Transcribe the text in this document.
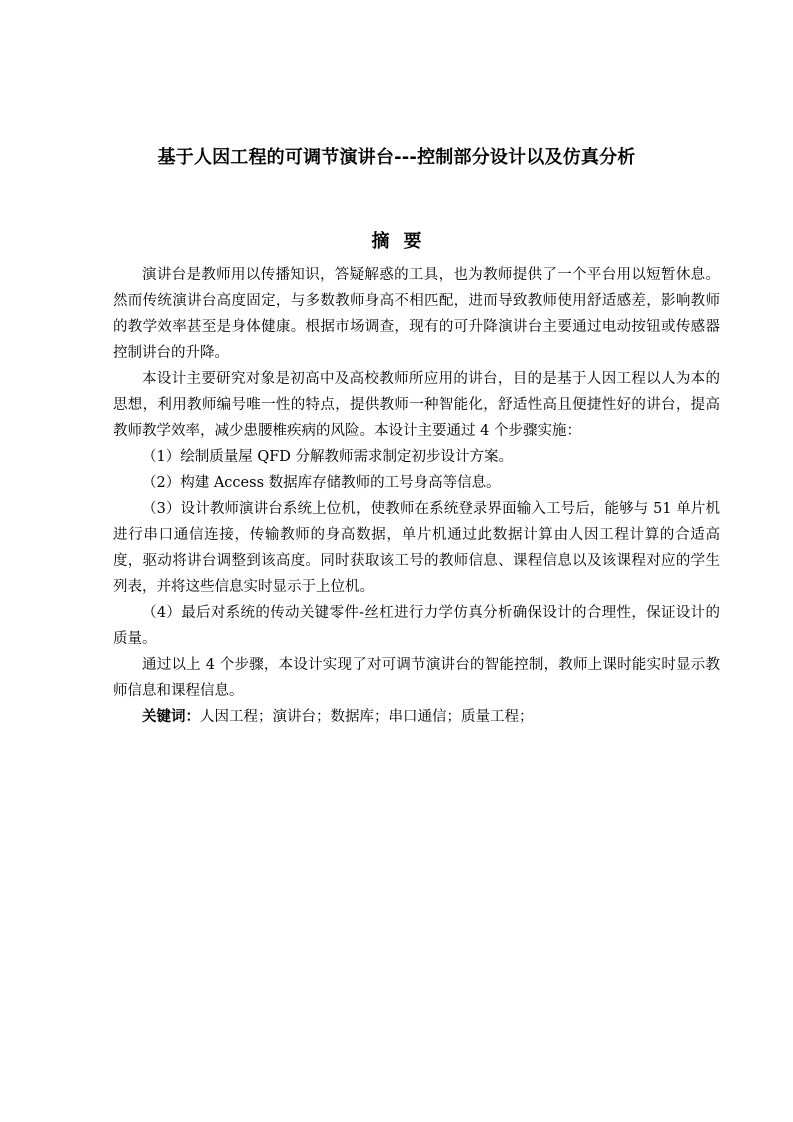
基于人因工程的可调节演讲台---控制部分设计以及仿真分析
摘要

演讲台是教师用以传播知识，答疑解惑的工具，也为教师提供了一个平台用以短暂休息。然而传统演讲台高度固定，与多数教师身高不相匹配，进而导致教师使用舒适感差，影响教师的教学效率甚至是身体健康。根据市场调查，现有的可升降演讲台主要通过电动按钮或传感器控制讲台的升降。

本设计主要研究对象是初高中及高校教师所应用的讲台，目的是基于人因工程以人为本的思想，利用教师编号唯一性的特点，提供教师一种智能化，舒适性高且便捷性好的讲台，提高教师教学效率，减少患腰椎疾病的风险。本设计主要通过 4 个步骤实施：

（1）绘制质量屋 QFD 分解教师需求制定初步设计方案。

（2）构建 Access 数据库存储教师的工号身高等信息。

（3）设计教师演讲台系统上位机，使教师在系统登录界面输入工号后，能够与 51 单片机进行串口通信连接，传输教师的身高数据，单片机通过此数据计算由人因工程计算的合适高度，驱动将讲台调整到该高度。同时获取该工号的教师信息、课程信息以及该课程对应的学生列表，并将这些信息实时显示于上位机。

（4）最后对系统的传动关键零件-丝杠进行力学仿真分析确保设计的合理性，保证设计的质量。

通过以上 4 个步骤，本设计实现了对可调节演讲台的智能控制，教师上课时能实时显示教师信息和课程信息。

关键词：人因工程；演讲台；数据库；串口通信；质量工程；
